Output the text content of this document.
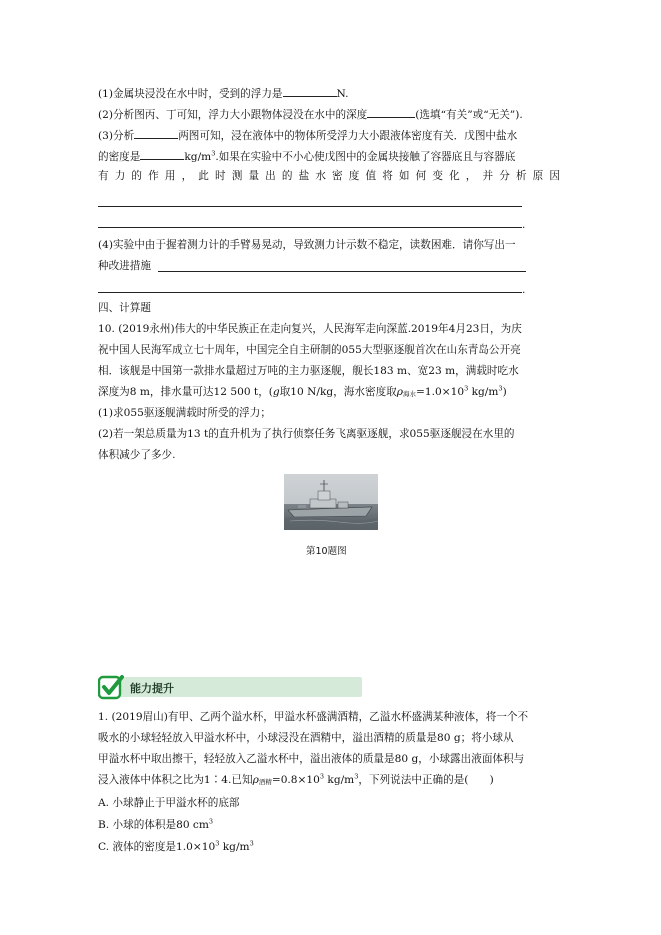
(1)金属块浸没在水中时，受到的浮力是	N.
(2)分析图丙、丁可知，浮力大小跟物体浸没在水中的深度	(选填“有关”或“无关”).
(3)分析	两图可知，浸在液体中的物体所受浮力大小跟液体密度有关．戊图中盐水
的密度是	$kg/m^3$.如果在实验中不小心使戊图中的金属块接触了容器底且与容器底
有力的作用，此时测量出的盐水密度值将如何变化，并分析原因
.
(4)实验中由于握着测力计的手臂易晃动，导致测力计示数不稳定，读数困难．请你写出一
种改进措施
.
四、计算题
10. (2019永州)伟大的中华民族正在走向复兴，人民海军走向深蓝.2019年4月23日，为庆
祝中国人民海军成立七十周年，中国完全自主研制的055大型驱逐舰首次在山东青岛公开亮
相．该舰是中国第一款排水量超过万吨的主力驱逐舰，舰长183 m、宽23 m，满载时吃水
深度为8 m，排水量可达12 500 t，(g取10 N/kg，海水密度取ρ海水$=1.0\times 10^3$ $kg/m^3$)
(1)求055驱逐舰满载时所受的浮力；
(2)若一架总质量为13 t的直升机为了执行侦察任务飞离驱逐舰，求055驱逐舰浸在水里的
体积减少了多少.
第10题图
能力提升
1. (2019眉山)有甲、乙两个溢水杯，甲溢水杯盛满酒精，乙溢水杯盛满某种液体，将一个不
吸水的小球轻轻放入甲溢水杯中，小球浸没在酒精中，溢出酒精的质量是80 g；将小球从
甲溢水杯中取出擦干，轻轻放入乙溢水杯中，溢出液体的质量是80 g，小球露出液面体积与
浸入液体中体积之比为1∶4.已知ρ酒精$=0.8\times 10^3$ $kg/m^3$，下列说法中正确的是(　　)
A. 小球静止于甲溢水杯的底部
B. 小球的体积是80 $cm^3$
C. 液体的密度是$1.0\times 10^3$ $kg/m^3$
